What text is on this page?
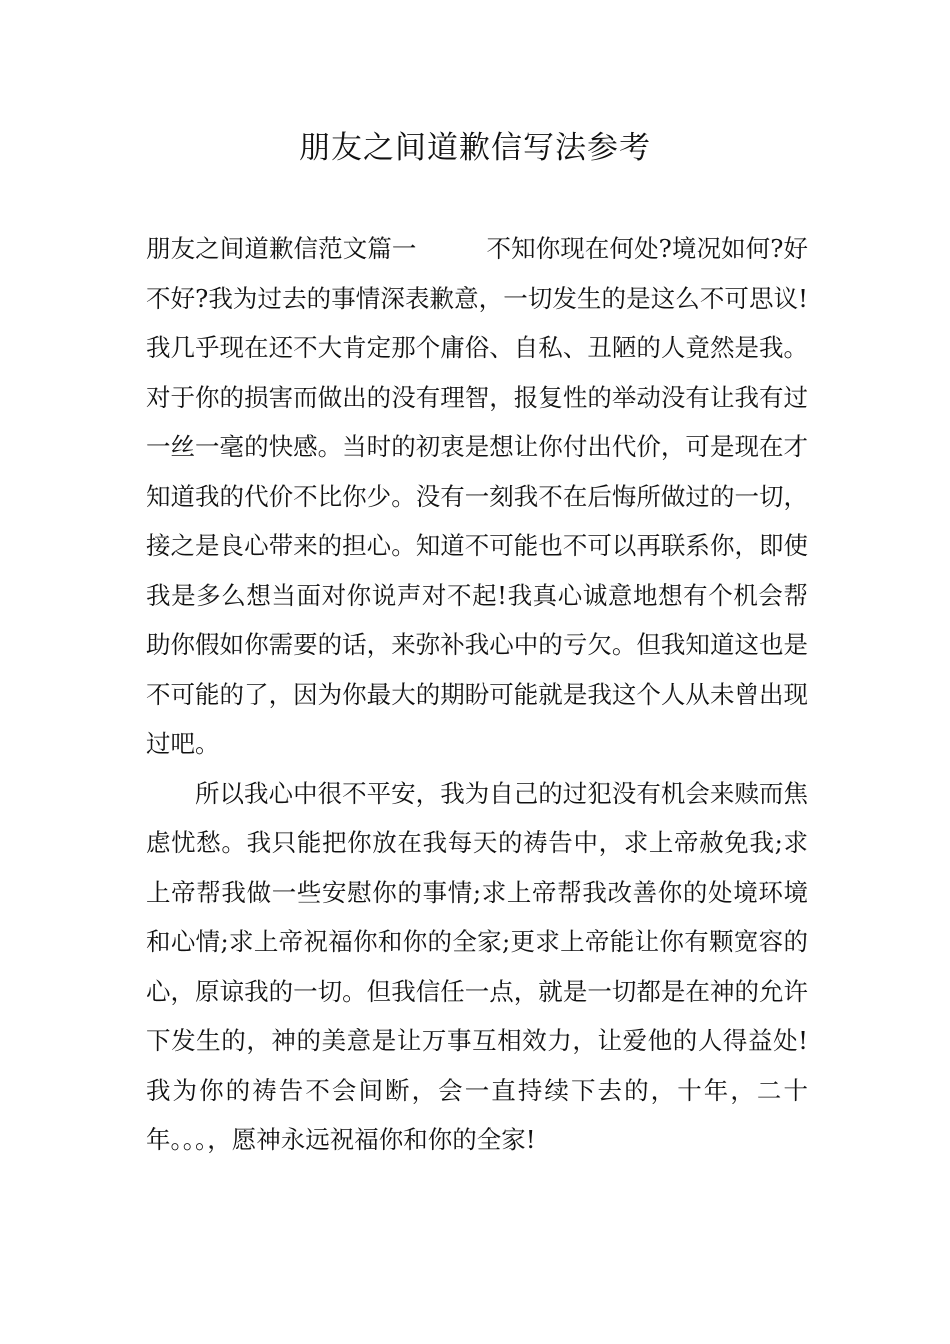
朋友之间道歉信写法参考

朋友之间道歉信范文篇一	不知你现在何处?境况如何?好不好?我为过去的事情深表歉意，一切发生的是这么不可思议!我几乎现在还不大肯定那个庸俗、自私、丑陋的人竟然是我。对于你的损害而做出的没有理智，报复性的举动没有让我有过一丝一毫的快感。当时的初衷是想让你付出代价，可是现在才知道我的代价不比你少。没有一刻我不在后悔所做过的一切，接之是良心带来的担心。知道不可能也不可以再联系你，即使我是多么想当面对你说声对不起!我真心诚意地想有个机会帮助你假如你需要的话，来弥补我心中的亏欠。但我知道这也是不可能的了，因为你最大的期盼可能就是我这个人从未曾出现过吧。

所以我心中很不平安，我为自己的过犯没有机会来赎而焦虑忧愁。我只能把你放在我每天的祷告中，求上帝赦免我;求上帝帮我做一些安慰你的事情;求上帝帮我改善你的处境环境和心情;求上帝祝福你和你的全家;更求上帝能让你有颗宽容的心，原谅我的一切。但我信任一点，就是一切都是在神的允许下发生的，神的美意是让万事互相效力，让爱他的人得益处!我为你的祷告不会间断，会一直持续下去的，十年，二十年。。。，愿神永远祝福你和你的全家!
